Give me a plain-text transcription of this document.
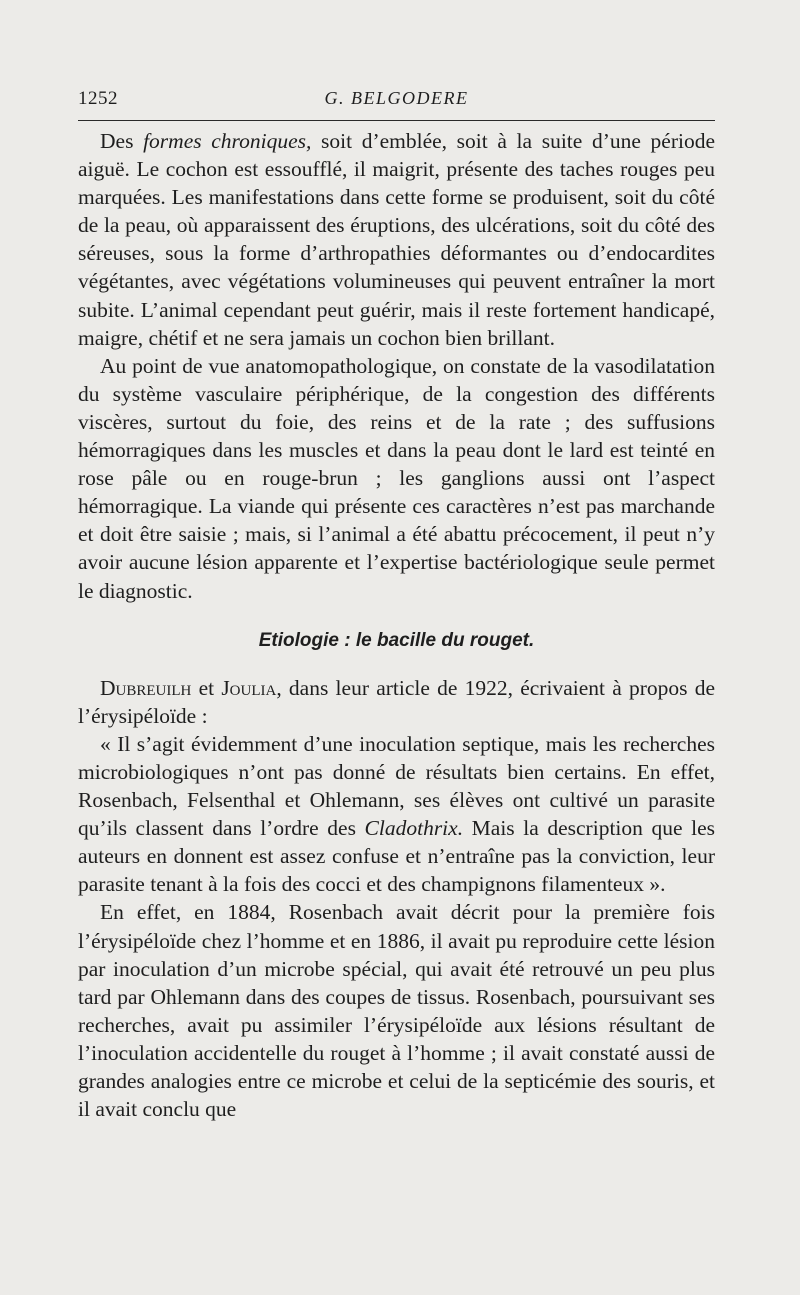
1252	G. BELGODERE

Des formes chroniques, soit d’emblée, soit à la suite d’une période aiguë. Le cochon est essoufflé, il maigrit, présente des taches rouges peu marquées. Les manifestations dans cette forme se produisent, soit du côté de la peau, où apparaissent des éruptions, des ulcérations, soit du côté des séreuses, sous la forme d’arthropathies déformantes ou d’endocardites végétantes, avec végétations volumineuses qui peuvent entraîner la mort subite. L’animal cependant peut guérir, mais il reste fortement handicapé, maigre, chétif et ne sera jamais un cochon bien brillant.

Au point de vue anatomopathologique, on constate de la vasodilatation du système vasculaire périphérique, de la congestion des différents viscères, surtout du foie, des reins et de la rate ; des suffusions hémorragiques dans les muscles et dans la peau dont le lard est teinté en rose pâle ou en rouge-brun ; les ganglions aussi ont l’aspect hémorragique. La viande qui présente ces caractères n’est pas marchande et doit être saisie ; mais, si l’animal a été abattu précocement, il peut n’y avoir aucune lésion apparente et l’expertise bactériologique seule permet le diagnostic.

Etiologie : le bacille du rouget.

Dubreuilh et Joulia, dans leur article de 1922, écrivaient à propos de l’érysipéloïde :

« Il s’agit évidemment d’une inoculation septique, mais les recherches microbiologiques n’ont pas donné de résultats bien certains. En effet, Rosenbach, Felsenthal et Ohlemann, ses élèves ont cultivé un parasite qu’ils classent dans l’ordre des Cladothrix. Mais la description que les auteurs en donnent est assez confuse et n’entraîne pas la conviction, leur parasite tenant à la fois des cocci et des champignons filamenteux ».

En effet, en 1884, Rosenbach avait décrit pour la première fois l’érysipéloïde chez l’homme et en 1886, il avait pu reproduire cette lésion par inoculation d’un microbe spécial, qui avait été retrouvé un peu plus tard par Ohlemann dans des coupes de tissus. Rosenbach, poursuivant ses recherches, avait pu assimiler l’érysipéloïde aux lésions résultant de l’inoculation accidentelle du rouget à l’homme ; il avait constaté aussi de grandes analogies entre ce microbe et celui de la septicémie des souris, et il avait conclu que
